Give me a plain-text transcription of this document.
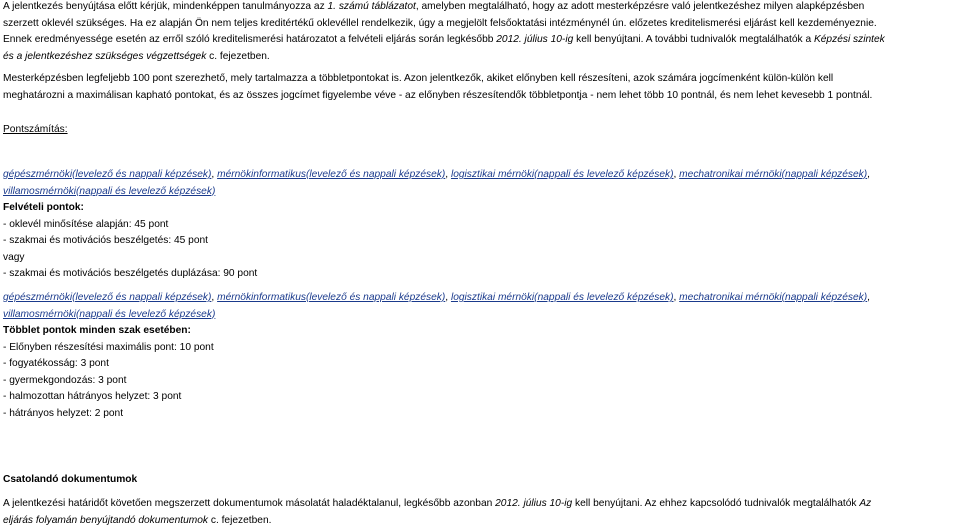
A jelentkezés benyújtása előtt kérjük, mindenképpen tanulmányozza az 1. számú táblázatot, amelyben megtalálható, hogy az adott mesterképzésre való jelentkezéshez milyen alapképzésben
szerzett oklevél szükséges. Ha ez alapján Ön nem teljes kreditértékű oklevéllel rendelkezik, úgy a megjelölt felsőoktatási intézménynél ún. előzetes kreditelismerési eljárást kell kezdeményeznie.
Ennek eredményessége esetén az erről szóló kreditelismerési határozatot a felvételi eljárás során legkésőbb 2012. július 10-ig kell benyújtani. A további tudnivalók megtalálhatók a Képzési szintek
és a jelentkezéshez szükséges végzettségek c. fejezetben.
Mesterképzésben legfeljebb 100 pont szerezhető, mely tartalmazza a többletpontokat is. Azon jelentkezők, akiket előnyben kell részesíteni, azok számára jogcímenként külön-külön kell
meghatározni a maximálisan kapható pontokat, és az összes jogcímet figyelembe véve - az előnyben részesítendők többletpontja - nem lehet több 10 pontnál, és nem lehet kevesebb 1 pontnál.
Pontszámítás:
gépészmérnöki(levelező és nappali képzések), mérnökinformatikus(levelező és nappali képzések), logisztikai mérnöki(nappali és levelező képzések), mechatronikai mérnöki(nappali képzések),
villamosmérnöki(nappali és levelező képzések)
Felvételi pontok:
- oklevél minősítése alapján: 45 pont
- szakmai és motivációs beszélgetés: 45 pont
vagy
- szakmai és motivációs beszélgetés duplázása: 90 pont
gépészmérnöki(levelező és nappali képzések), mérnökinformatikus(levelező és nappali képzések), logisztikai mérnöki(nappali és levelező képzések), mechatronikai mérnöki(nappali képzések),
villamosmérnöki(nappali és levelező képzések)
Többlet pontok minden szak esetében:
- Előnyben részesítési maximális pont: 10 pont
- fogyatékosság: 3 pont
- gyermekgondozás: 3 pont
- halmozottan hátrányos helyzet: 3 pont
- hátrányos helyzet: 2 pont
Csatolandó dokumentumok
A jelentkezési határidőt követően megszerzett dokumentumok másolatát haladéktalanul, legkésőbb azonban 2012. július 10-ig kell benyújtani. Az ehhez kapcsolódó tudnivalók megtalálhatók Az
eljárás folyamán benyújtandó dokumentumok c. fejezetben.
